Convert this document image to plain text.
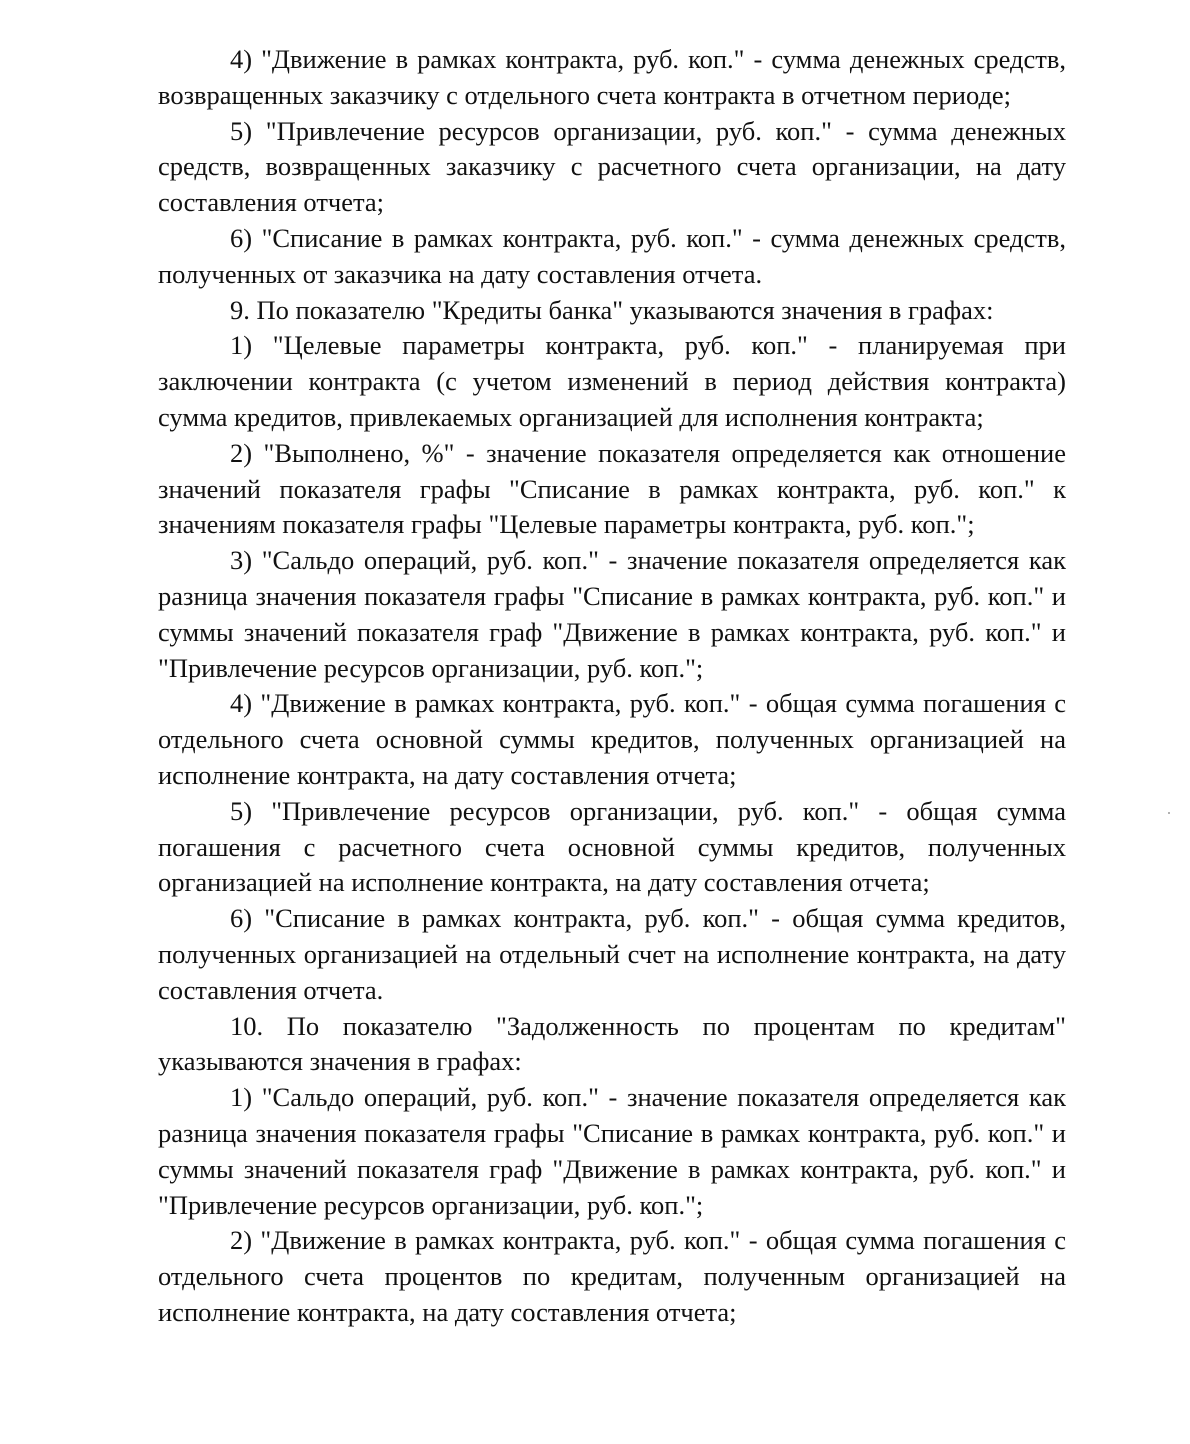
4) "Движение в рамках контракта, руб. коп." - сумма денежных средств, возвращенных заказчику с отдельного счета контракта в отчетном периоде;

5) "Привлечение ресурсов организации, руб. коп." - сумма денежных средств, возвращенных заказчику с расчетного счета организации, на дату составления отчета;

6) "Списание в рамках контракта, руб. коп." - сумма денежных средств, полученных от заказчика на дату составления отчета.

9. По показателю "Кредиты банка" указываются значения в графах:

1) "Целевые параметры контракта, руб. коп." - планируемая при заключении контракта (с учетом изменений в период действия контракта) сумма кредитов, привлекаемых организацией для исполнения контракта;

2) "Выполнено, %" - значение показателя определяется как отношение значений показателя графы "Списание в рамках контракта, руб. коп." к значениям показателя графы "Целевые параметры контракта, руб. коп.";

3) "Сальдо операций, руб. коп." - значение показателя определяется как разница значения показателя графы "Списание в рамках контракта, руб. коп." и суммы значений показателя граф "Движение в рамках контракта, руб. коп." и "Привлечение ресурсов организации, руб. коп.";

4) "Движение в рамках контракта, руб. коп." - общая сумма погашения с отдельного счета основной суммы кредитов, полученных организацией на исполнение контракта, на дату составления отчета;

5) "Привлечение ресурсов организации, руб. коп." - общая сумма погашения с расчетного счета основной суммы кредитов, полученных организацией на исполнение контракта, на дату составления отчета;

6) "Списание в рамках контракта, руб. коп." - общая сумма кредитов, полученных организацией на отдельный счет на исполнение контракта, на дату составления отчета.

10. По показателю "Задолженность по процентам по кредитам" указываются значения в графах:

1) "Сальдо операций, руб. коп." - значение показателя определяется как разница значения показателя графы "Списание в рамках контракта, руб. коп." и суммы значений показателя граф "Движение в рамках контракта, руб. коп." и "Привлечение ресурсов организации, руб. коп.";

2) "Движение в рамках контракта, руб. коп." - общая сумма погашения с отдельного счета процентов по кредитам, полученным организацией на исполнение контракта, на дату составления отчета;
